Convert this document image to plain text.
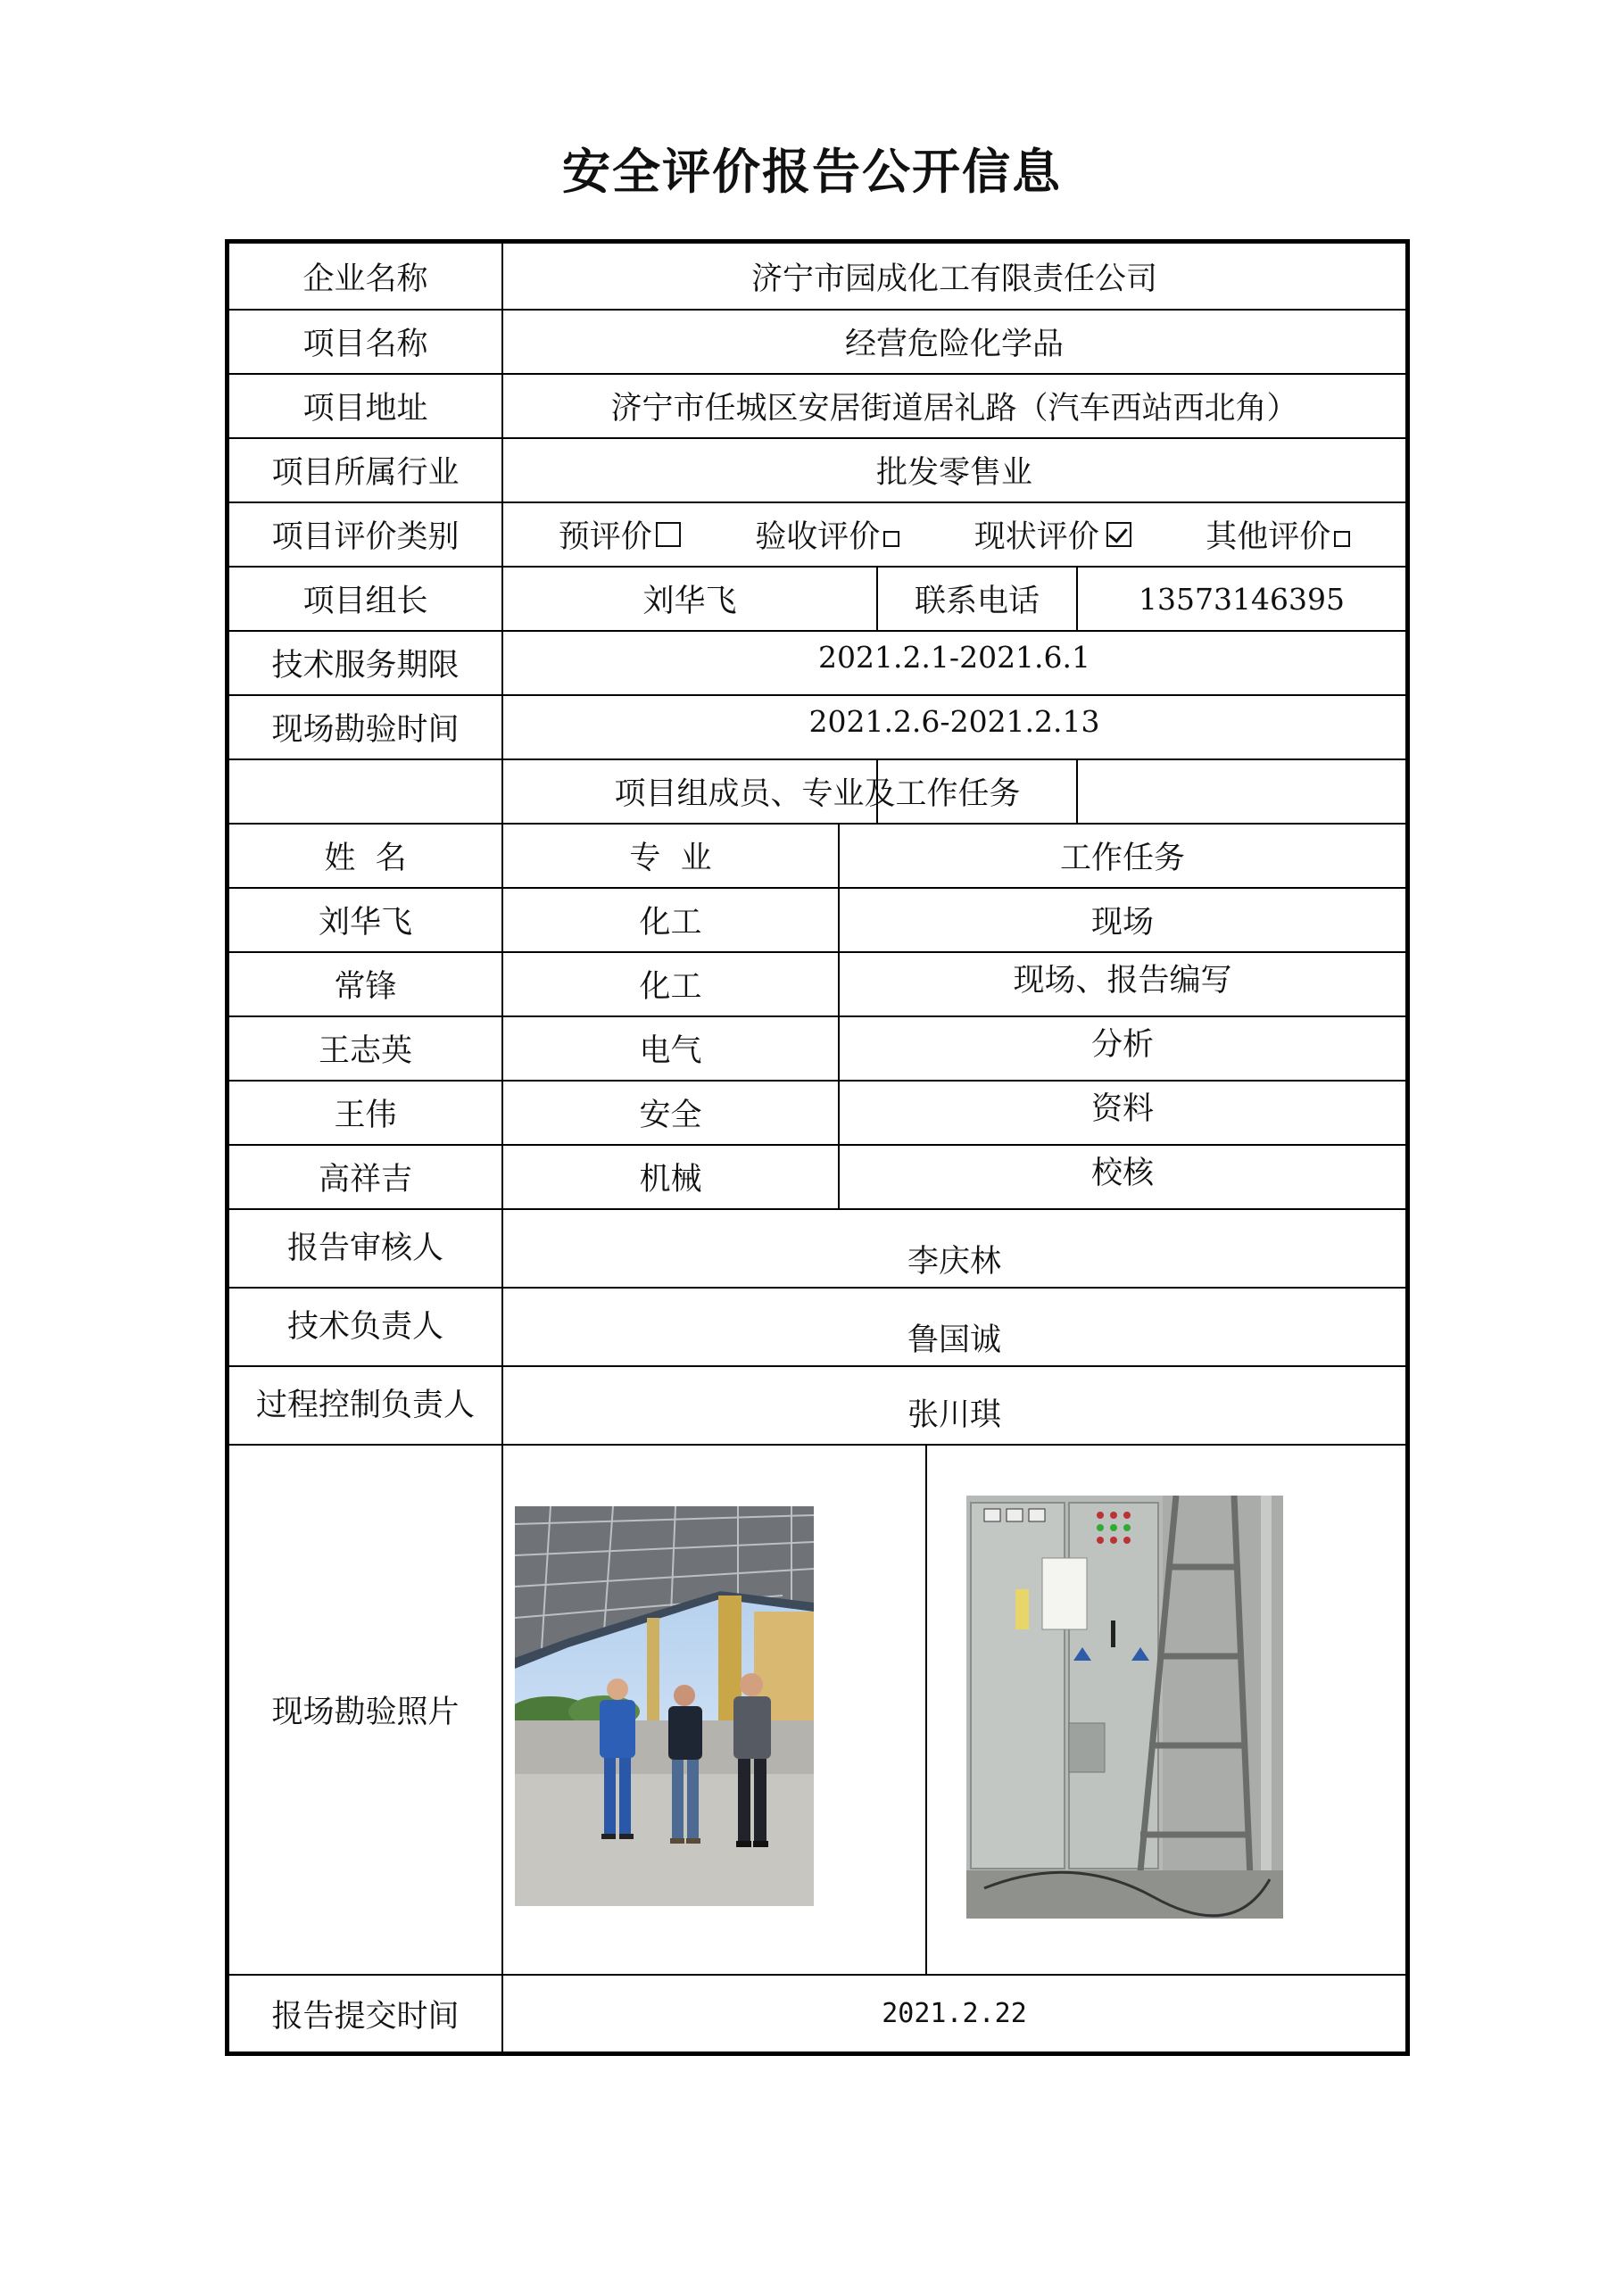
安全评价报告公开信息
企业名称	济宁市园成化工有限责任公司
项目名称	经营危险化学品
项目地址	济宁市任城区安居街道居礼路（汽车西站西北角）
项目所属行业	批发零售业
项目评价类别	预评价	验收评价	现状评价	其他评价
项目组长	刘华飞	联系电话	13573146395
技术服务期限	2021.2.1-2021.6.1
现场勘验时间	2021.2.6-2021.2.13
项目组成员、专业及工作任务
姓  名	专  业	工作任务
刘华飞	化工	现场
常锋	化工	现场、报告编写
王志英	电气	分析
王伟	安全	资料
高祥吉	机械	校核
报告审核人	李庆林
技术负责人	鲁国诚
过程控制负责人	张川琪
现场勘验照片
报告提交时间	2021.2.22
